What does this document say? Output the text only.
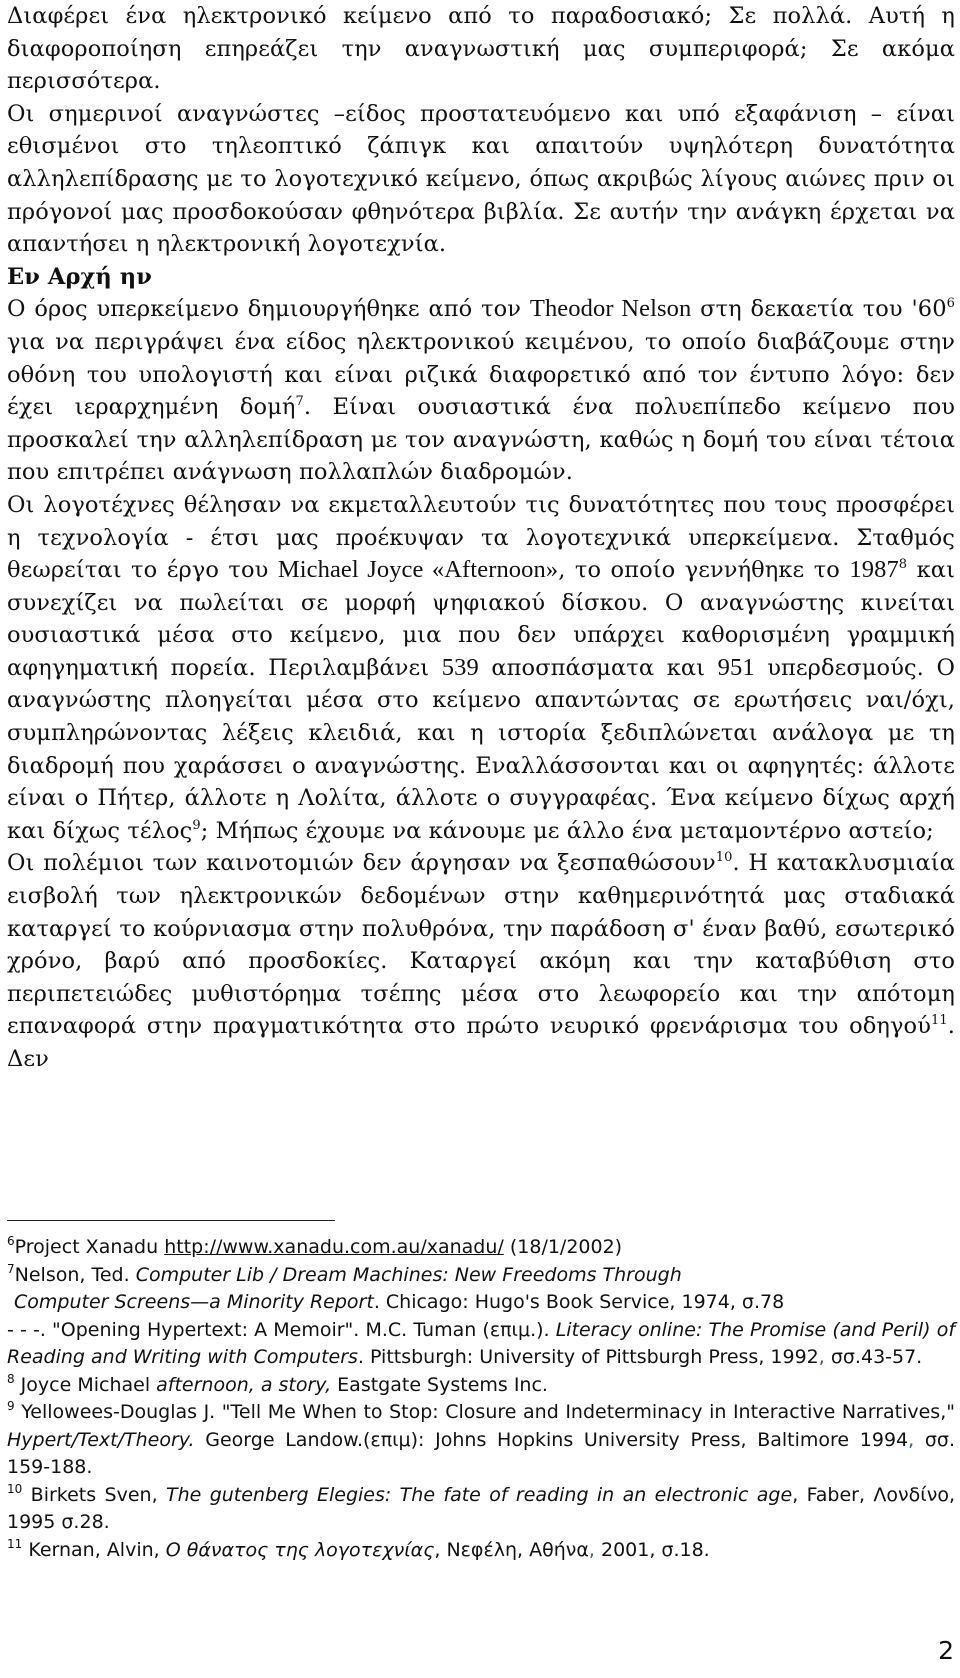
Διαφέρει ένα ηλεκτρονικό κείμενο από το παραδοσιακό; Σε πολλά. Αυτή η διαφοροποίηση επηρεάζει την αναγνωστική μας συμπεριφορά; Σε ακόμα περισσότερα.

Οι σημερινοί αναγνώστες –είδος προστατευόμενο και υπό εξαφάνιση – είναι εθισμένοι στο τηλεοπτικό ζάπιγκ και απαιτούν υψηλότερη δυνατότητα αλληλεπίδρασης με το λογοτεχνικό κείμενο, όπως ακριβώς λίγους αιώνες πριν οι πρόγονοί μας προσδοκούσαν φθηνότερα βιβλία. Σε αυτήν την ανάγκη έρχεται να απαντήσει η ηλεκτρονική λογοτεχνία.

Εν Αρχή ην

Ο όρος υπερκείμενο δημιουργήθηκε από τον Theodor Nelson στη δεκαετία του '$60^6$ για να περιγράψει ένα είδος ηλεκτρονικού κειμένου, το οποίο διαβάζουμε στην οθόνη του υπολογιστή και είναι ριζικά διαφορετικό από τον έντυπο λόγο: δεν έχει ιεραρχημένη δομή$^7$. Είναι ουσιαστικά ένα πολυεπίπεδο κείμενο που προσκαλεί την αλληλεπίδραση με τον αναγνώστη, καθώς η δομή του είναι τέτοια που επιτρέπει ανάγνωση πολλαπλών διαδρομών.

Οι λογοτέχνες θέλησαν να εκμεταλλευτούν τις δυνατότητες που τους προσφέρει η τεχνολογία - έτσι μας προέκυψαν τα λογοτεχνικά υπερκείμενα. Σταθμός θεωρείται το έργο του Michael Joyce «Afternoon», το οποίο γεννήθηκε το 1987$^8$ και συνεχίζει να πωλείται σε μορφή ψηφιακού δίσκου. Ο αναγνώστης κινείται ουσιαστικά μέσα στο κείμενο, μια που δεν υπάρχει καθορισμένη γραμμική αφηγηματική πορεία. Περιλαμβάνει 539 αποσπάσματα και 951 υπερδεσμούς. Ο αναγνώστης πλοηγείται μέσα στο κείμενο απαντώντας σε ερωτήσεις ναι/όχι, συμπληρώνοντας λέξεις κλειδιά, και η ιστορία ξεδιπλώνεται ανάλογα με τη διαδρομή που χαράσσει ο αναγνώστης. Εναλλάσσονται και οι αφηγητές: άλλοτε είναι ο Πήτερ, άλλοτε η Λολίτα, άλλοτε ο συγγραφέας. Ένα κείμενο δίχως αρχή και δίχως τέλος$^9$; Μήπως έχουμε να κάνουμε με άλλο ένα μεταμοντέρνο αστείο;

Οι πολέμιοι των καινοτομιών δεν άργησαν να ξεσπαθώσουν$^{10}$. Η κατακλυσμιαία εισβολή των ηλεκτρονικών δεδομένων στην καθημερινότητά μας σταδιακά καταργεί το κούρνιασμα στην πολυθρόνα, την παράδοση σ' έναν βαθύ, εσωτερικό χρόνο, βαρύ από προσδοκίες. Καταργεί ακόμη και την καταβύθιση στο περιπετειώδες μυθιστόρημα τσέπης μέσα στο λεωφορείο και την απότομη επαναφορά στην πραγματικότητα στο πρώτο νευρικό φρενάρισμα του οδηγού$^{11}$. Δεν

$^6$Project Xanadu http://www.xanadu.com.au/xanadu/ (18/1/2002)

$^7$Nelson, Ted. Computer Lib / Dream Machines: New Freedoms Through
Computer Screens—a Minority Report. Chicago: Hugo's Book Service, 1974, σ.78
- - -. "Opening Hypertext: A Memoir". M.C. Tuman (επιμ.). Literacy online: The Promise (and Peril) of Reading and Writing with Computers. Pittsburgh: University of Pittsburgh Press, 1992, σσ.43-57.

$^8$ Joyce Michael afternoon, a story, Eastgate Systems Inc.

$^9$ Yellowees-Douglas J. "Tell Me When to Stop: Closure and Indeterminacy in Interactive Narratives," Hypert/Text/Theory. George Landow.(επιμ): Johns Hopkins University Press, Baltimore 1994, σσ. 159-188.

$^{10}$ Birkets Sven, The gutenberg Elegies: The fate of reading in an electronic age, Faber, Λονδίνο, 1995 σ.28.

$^{11}$ Kernan, Alvin, Ο θάνατος της λογοτεχνίας, Νεφέλη, Αθήνα, 2001, σ.18.

2
